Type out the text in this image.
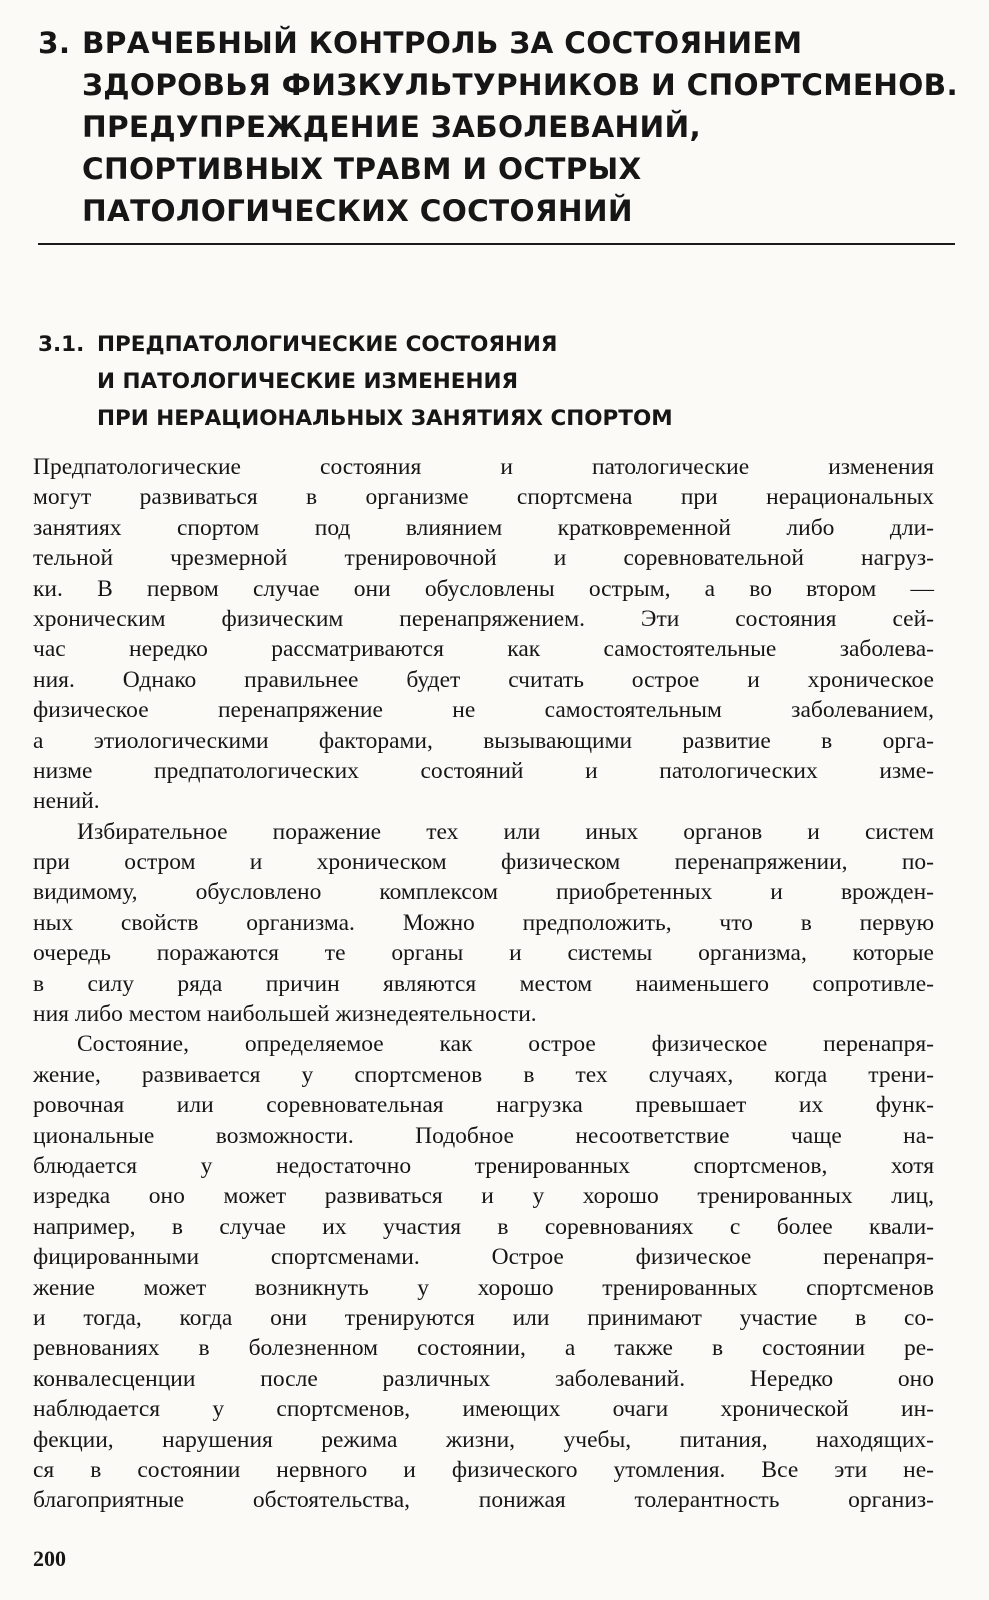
3. ВРАЧЕБНЫЙ КОНТРОЛЬ ЗА СОСТОЯНИЕМ
ЗДОРОВЬЯ ФИЗКУЛЬТУРНИКОВ И СПОРТСМЕНОВ.
ПРЕДУПРЕЖДЕНИЕ ЗАБОЛЕВАНИЙ,
СПОРТИВНЫХ ТРАВМ И ОСТРЫХ
ПАТОЛОГИЧЕСКИХ СОСТОЯНИЙ
3.1. ПРЕДПАТОЛОГИЧЕСКИЕ СОСТОЯНИЯ
И ПАТОЛОГИЧЕСКИЕ ИЗМЕНЕНИЯ
ПРИ НЕРАЦИОНАЛЬНЫХ ЗАНЯТИЯХ СПОРТОМ
Предпатологические состояния и патологические изменения
могут развиваться в организме спортсмена при нерациональных
занятиях спортом под влиянием кратковременной либо дли-
тельной чрезмерной тренировочной и соревновательной нагруз-
ки. В первом случае они обусловлены острым, а во втором —
хроническим физическим перенапряжением. Эти состояния сей-
час нередко рассматриваются как самостоятельные заболева-
ния. Однако правильнее будет считать острое и хроническое
физическое перенапряжение не самостоятельным заболеванием,
а этиологическими факторами, вызывающими развитие в орга-
низме предпатологических состояний и патологических изме-
нений.
Избирательное поражение тех или иных органов и систем
при остром и хроническом физическом перенапряжении, по-
видимому, обусловлено комплексом приобретенных и врожден-
ных свойств организма. Можно предположить, что в первую
очередь поражаются те органы и системы организма, которые
в силу ряда причин являются местом наименьшего сопротивле-
ния либо местом наибольшей жизнедеятельности.
Состояние, определяемое как острое физическое перенапря-
жение, развивается у спортсменов в тех случаях, когда трени-
ровочная или соревновательная нагрузка превышает их функ-
циональные возможности. Подобное несоответствие чаще на-
блюдается у недостаточно тренированных спортсменов, хотя
изредка оно может развиваться и у хорошо тренированных лиц,
например, в случае их участия в соревнованиях с более квали-
фицированными спортсменами. Острое физическое перенапря-
жение может возникнуть у хорошо тренированных спортсменов
и тогда, когда они тренируются или принимают участие в со-
ревнованиях в болезненном состоянии, а также в состоянии ре-
конвалесценции после различных заболеваний. Нередко оно
наблюдается у спортсменов, имеющих очаги хронической ин-
фекции, нарушения режима жизни, учебы, питания, находящих-
ся в состоянии нервного и физического утомления. Все эти не-
благоприятные обстоятельства, понижая толерантность организ-
200
